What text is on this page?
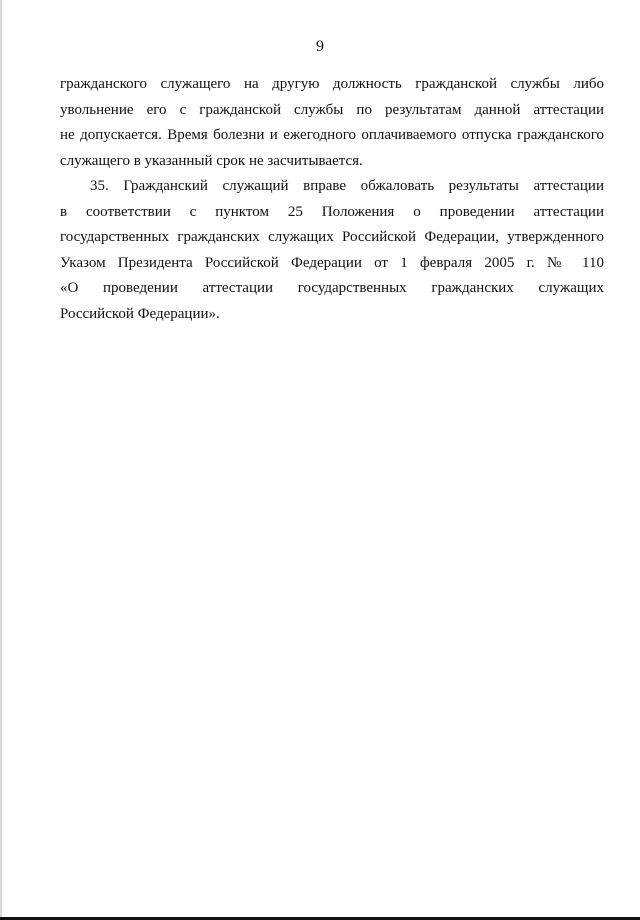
9
гражданского служащего на другую должность гражданской службы либо
увольнение его с гражданской службы по результатам данной аттестации
не допускается. Время болезни и ежегодного оплачиваемого отпуска гражданского
служащего в указанный срок не засчитывается.
35. Гражданский служащий вправе обжаловать результаты аттестации
в соответствии с пунктом 25 Положения о проведении аттестации
государственных гражданских служащих Российской Федерации, утвержденного
Указом Президента Российской Федерации от 1 февраля 2005 г. № 110
«О проведении аттестации государственных гражданских служащих
Российской Федерации».
